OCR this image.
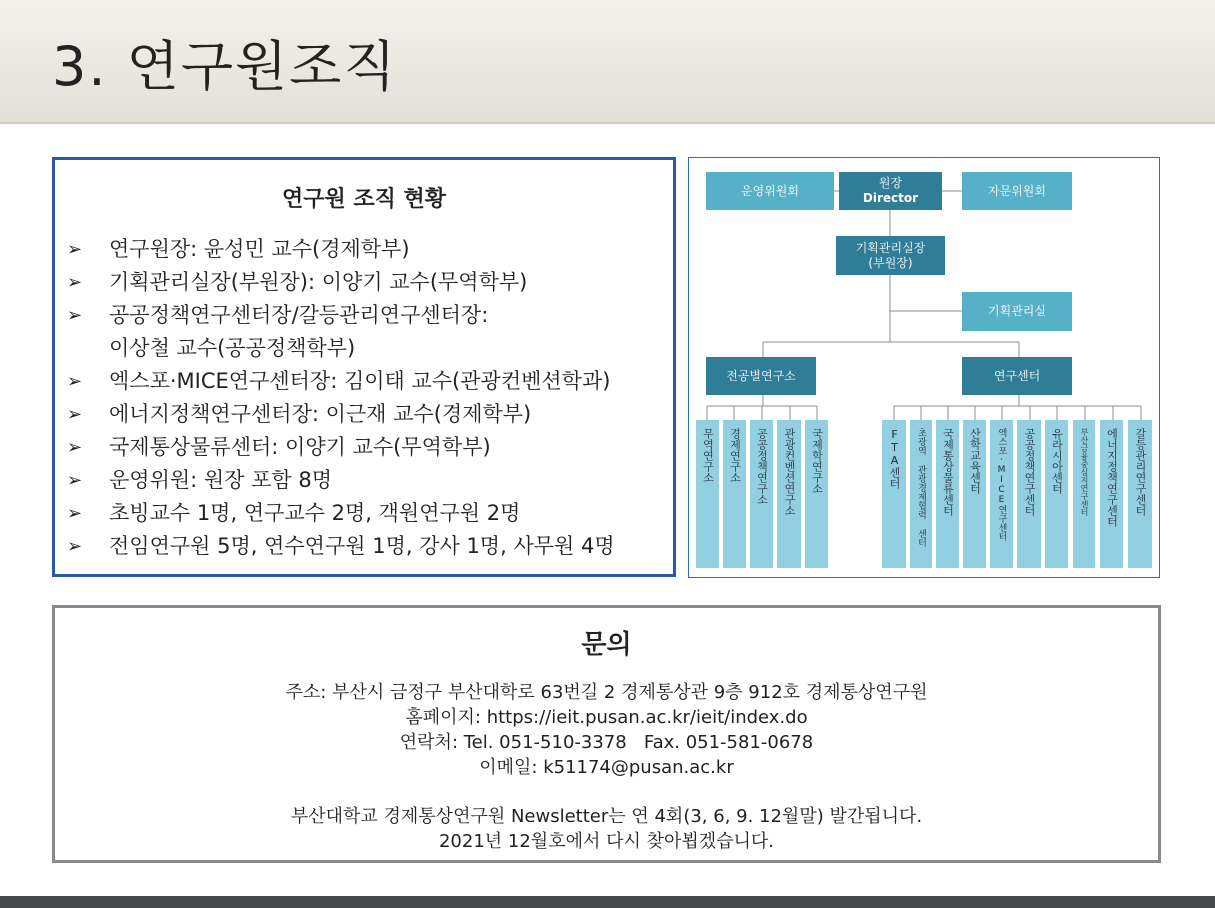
3. 연구원조직
연구원 조직 현황
➢ 연구원장: 윤성민 교수(경제학부)
➢ 기획관리실장(부원장): 이양기 교수(무역학부)
➢ 공공정책연구센터장/갈등관리연구센터장:
이상철 교수(공공정책학부)
➢ 엑스포·MICE연구센터장: 김이태 교수(관광컨벤션학과)
➢ 에너지정책연구센터장: 이근재 교수(경제학부)
➢ 국제통상물류센터: 이양기 교수(무역학부)
➢ 운영위원: 원장 포함 8명
➢ 초빙교수 1명, 연구교수 2명, 객원연구원 2명
➢ 전임연구원 5명, 연수연구원 1명, 강사 1명, 사무원 4명
운영위원회
원장
Director
자문위원회
기획관리실장
(부원장)
기획관리실
전공별연구소	연구센터
무역연구소 경제연구소 공공정책연구소 관광컨벤션연구소 국제학연구소	FTA센터 초광역 관광경제협력 센터 국제통상물류센터 산학교육센터 엑스포·MICE연구센터 공공정책연구센터 유라시아센터 부산금융중심지연구센터 에너지정책연구센터 갈등관리연구센터
문의
주소: 부산시 금정구 부산대학로 63번길 2 경제통상관 9층 912호 경제통상연구원
홈페이지: https://ieit.pusan.ac.kr/ieit/index.do
연락처: Tel. 051-510-3378   Fax. 051-581-0678
이메일: k51174@pusan.ac.kr
부산대학교 경제통상연구원 Newsletter는 연 4회(3, 6, 9. 12월말) 발간됩니다.
2021년 12월호에서 다시 찾아뵙겠습니다.
